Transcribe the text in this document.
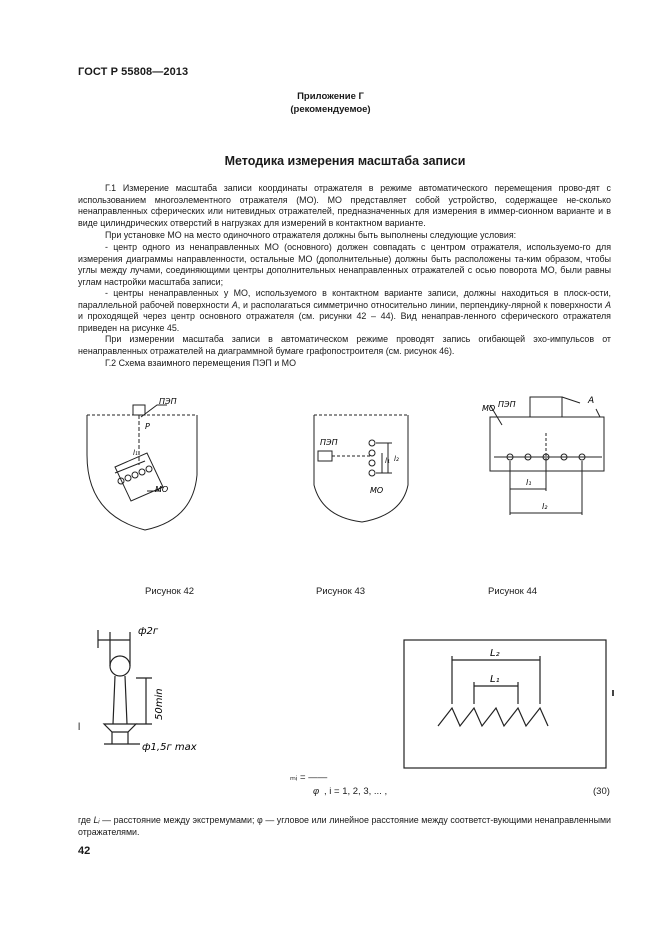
ГОСТ Р 55808—2013
Приложение Г
(рекомендуемое)
Методика измерения масштаба записи

Г.1 Измерение масштаба записи координаты отражателя в режиме автоматического перемещения прово-дят с использованием многоэлементного отражателя (МО). МО представляет собой устройство, содержащее не-сколько ненаправленных сферических или нитевидных отражателей, предназначенных для измерения в иммер-сионном варианте и в виде цилиндрических отверстий в нагрузках для измерений в контактном варианте.

При установке МО на место одиночного отражателя должны быть выполнены следующие условия:

- центр одного из ненаправленных МО (основного) должен совпадать с центром отражателя, используемо-го для измерения диаграммы направленности, остальные МО (дополнительные) должны быть расположены та-ким образом, чтобы углы между лучами, соединяющими центры дополнительных ненаправленных отражателей с осью поворота МО, были равны углам настройки масштаба записи;

- центры ненаправленных у МО, используемого в контактном варианте записи, должны находиться в плоск-ости, параллельной рабочей поверхности А, и располагаться симметрично относительно линии, перпендику-лярной к поверхности А и проходящей через центр основного отражателя (см. рисунки 42 – 44). Вид ненаправ-ленного сферического отражателя приведен на рисунке 45.

При измерении масштаба записи в автоматическом режиме проводят запись огибающей эхо-импульсов от ненаправленных отражателей на диаграммной бумаге графопостроителя (см. рисунок 46).

Г.2 Схема взаимного перемещения ПЭП и МО

ПЭП
P
l₁
МО
ПЭП
l₁ l₂
МО
ПЭП
МО
A
l₁
l₂
Рисунок 42	Рисунок 43	Рисунок 44
ф2г
50min
ф1,5г max
l
L₂
L₁
ₘᵢ = ——
φ , i = 1, 2, 3, ... ,	(30)

где Lᵢ — расстояние между экстремумами; φ — угловое или линейное расстояние между соответст-вующими ненаправленными отражателями.

42
